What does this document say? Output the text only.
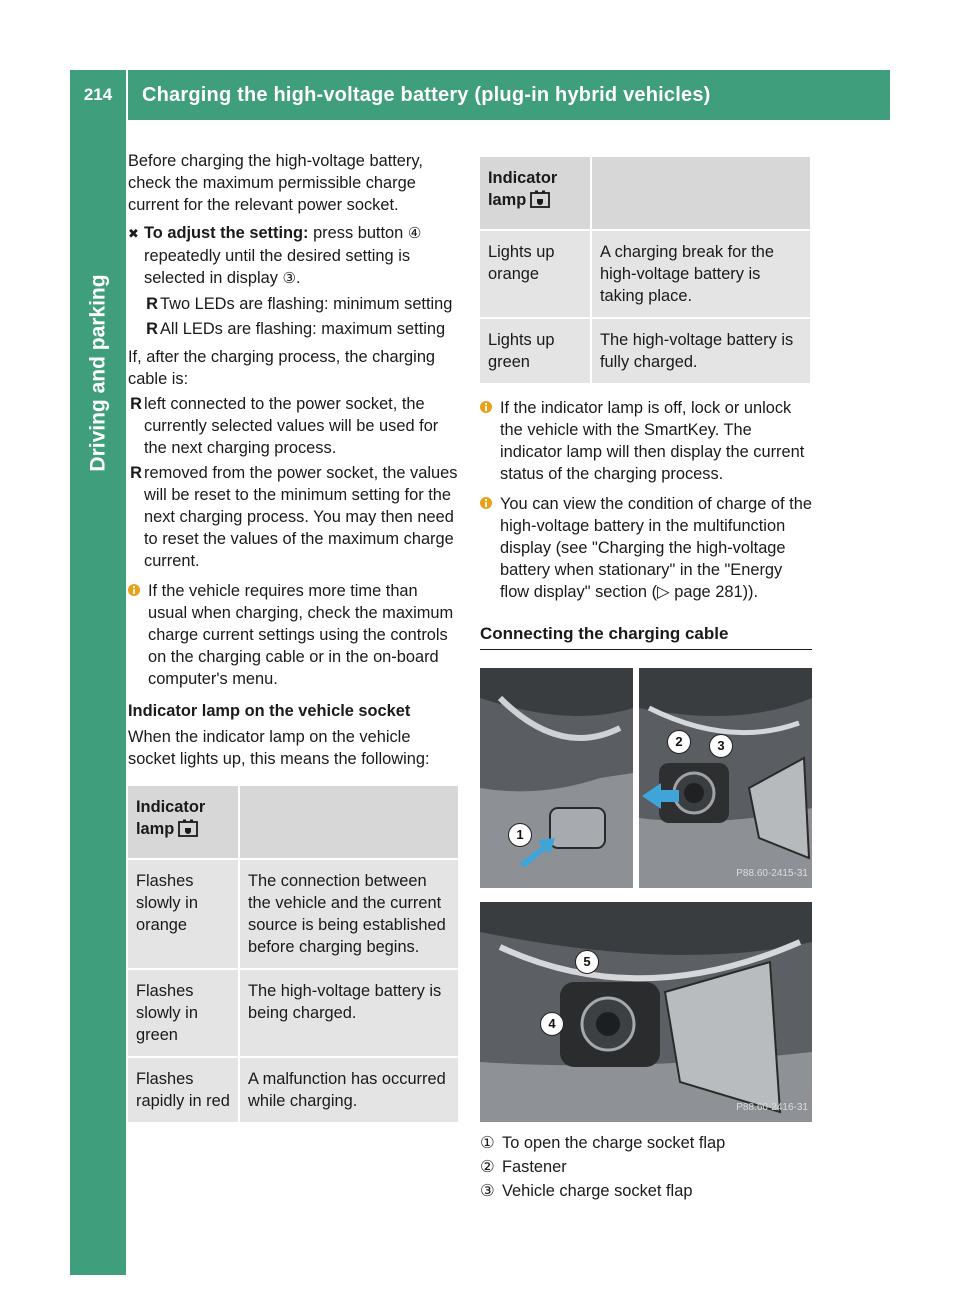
214	Charging the high-voltage battery (plug-in hybrid vehicles)
Driving and parking

Before charging the high-voltage battery, check the maximum permissible charge current for the relevant power socket.

✖ To adjust the setting: press button ④ repeatedly until the desired setting is selected in display ③.
R Two LEDs are flashing: minimum setting
R All LEDs are flashing: maximum setting

If, after the charging process, the charging cable is:

R left connected to the power socket, the currently selected values will be used for the next charging process.
R removed from the power socket, the values will be reset to the minimum setting for the next charging process. You may then need to reset the values of the maximum charge current.
If the vehicle requires more time than usual when charging, check the maximum charge current settings using the controls on the charging cable or in the on-board computer's menu.
Indicator lamp on the vehicle socket

When the indicator lamp on the vehicle socket lights up, this means the following:

Indicator lamp	
Flashes slowly in orange	The connection between the vehicle and the current source is being established before charging begins.
Flashes slowly in green	The high-voltage battery is being charged.
Flashes rapidly in red	A malfunction has occurred while charging.
Indicator lamp	
Lights up orange	A charging break for the high-voltage battery is taking place.
Lights up green	The high-voltage battery is fully charged.
If the indicator lamp is off, lock or unlock the vehicle with the SmartKey. The indicator lamp will then display the current status of the charging process.
You can view the condition of charge of the high-voltage battery in the multifunction display (see "Charging the high-voltage battery when stationary" in the "Energy flow display" section (▷ page 281)).
Connecting the charging cable
1
2	3
P88.60-2415-31
5
4
P88.60-2416-31
① To open the charge socket flap
② Fastener
③ Vehicle charge socket flap
